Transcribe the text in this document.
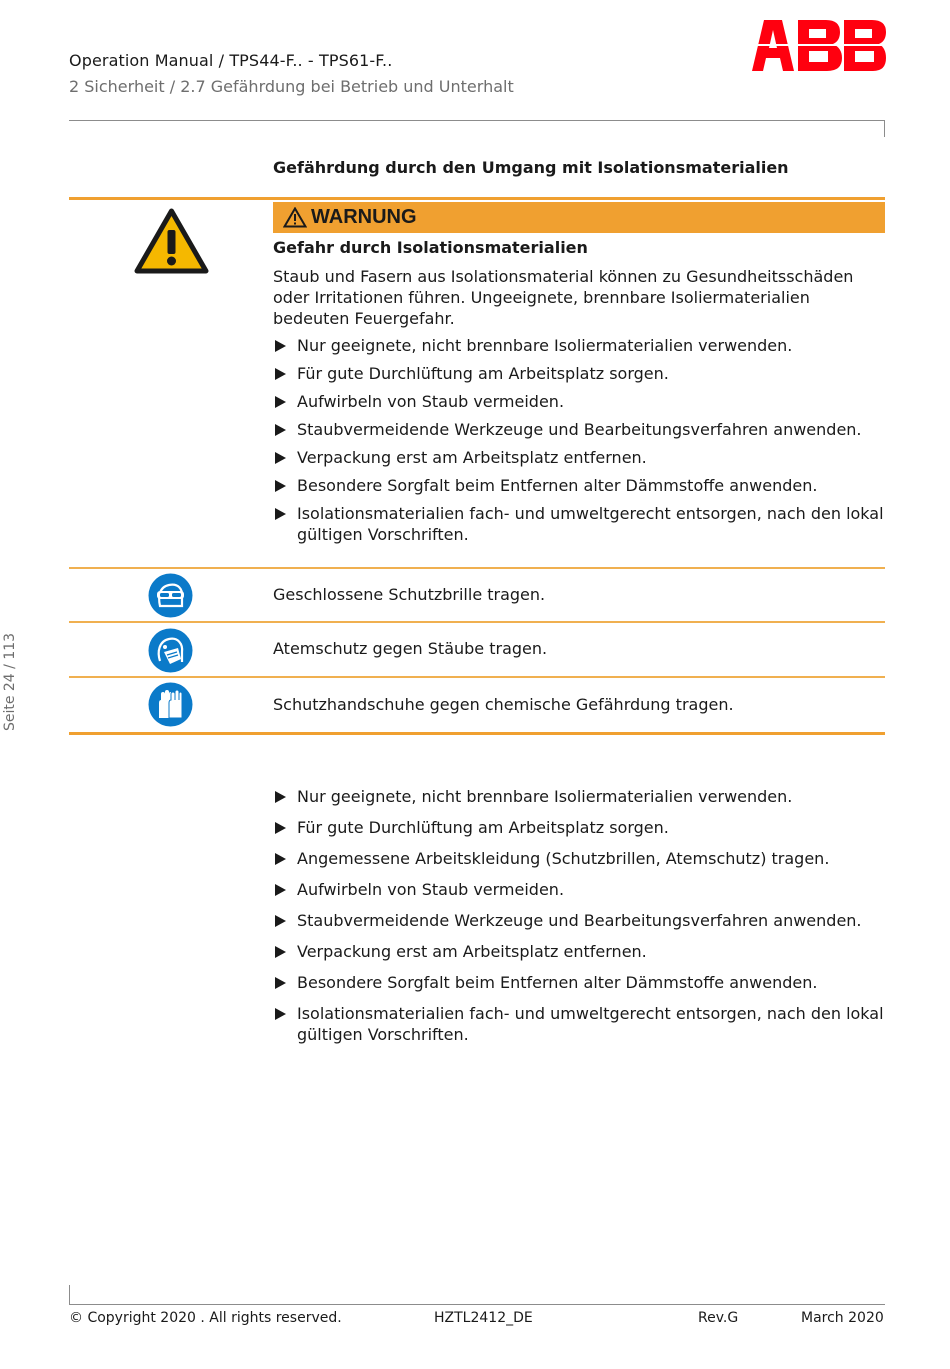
Operation Manual / TPS44-F.. - TPS61-F..
2 Sicherheit / 2.7 Gefährdung bei Betrieb und Unterhalt
Seite 24 / 113
Gefährdung durch den Umgang mit Isolationsmaterialien
WARNUNG
Gefahr durch Isolationsmaterialien
Staub und Fasern aus Isolationsmaterial können zu Gesundheitsschäden oder Irritationen führen. Ungeeignete, brennbare Isoliermaterialien bedeuten Feuergefahr.
Nur geeignete, nicht brennbare Isoliermaterialien verwenden.
Für gute Durchlüftung am Arbeitsplatz sorgen.
Aufwirbeln von Staub vermeiden.
Staubvermeidende Werkzeuge und Bearbeitungsverfahren anwenden.
Verpackung erst am Arbeitsplatz entfernen.
Besondere Sorgfalt beim Entfernen alter Dämmstoffe anwenden.
Isolationsmaterialien fach- und umweltgerecht entsorgen, nach den lokal gültigen Vorschriften.
Geschlossene Schutzbrille tragen.
Atemschutz gegen Stäube tragen.
Schutzhandschuhe gegen chemische Gefährdung tragen.
Nur geeignete, nicht brennbare Isoliermaterialien verwenden.
Für gute Durchlüftung am Arbeitsplatz sorgen.
Angemessene Arbeitskleidung (Schutzbrillen, Atemschutz) tragen.
Aufwirbeln von Staub vermeiden.
Staubvermeidende Werkzeuge und Bearbeitungsverfahren anwenden.
Verpackung erst am Arbeitsplatz entfernen.
Besondere Sorgfalt beim Entfernen alter Dämmstoffe anwenden.
Isolationsmaterialien fach- und umweltgerecht entsorgen, nach den lokal gültigen Vorschriften.
© Copyright 2020 . All rights reserved.	HZTL2412_DE	Rev.G	March 2020
